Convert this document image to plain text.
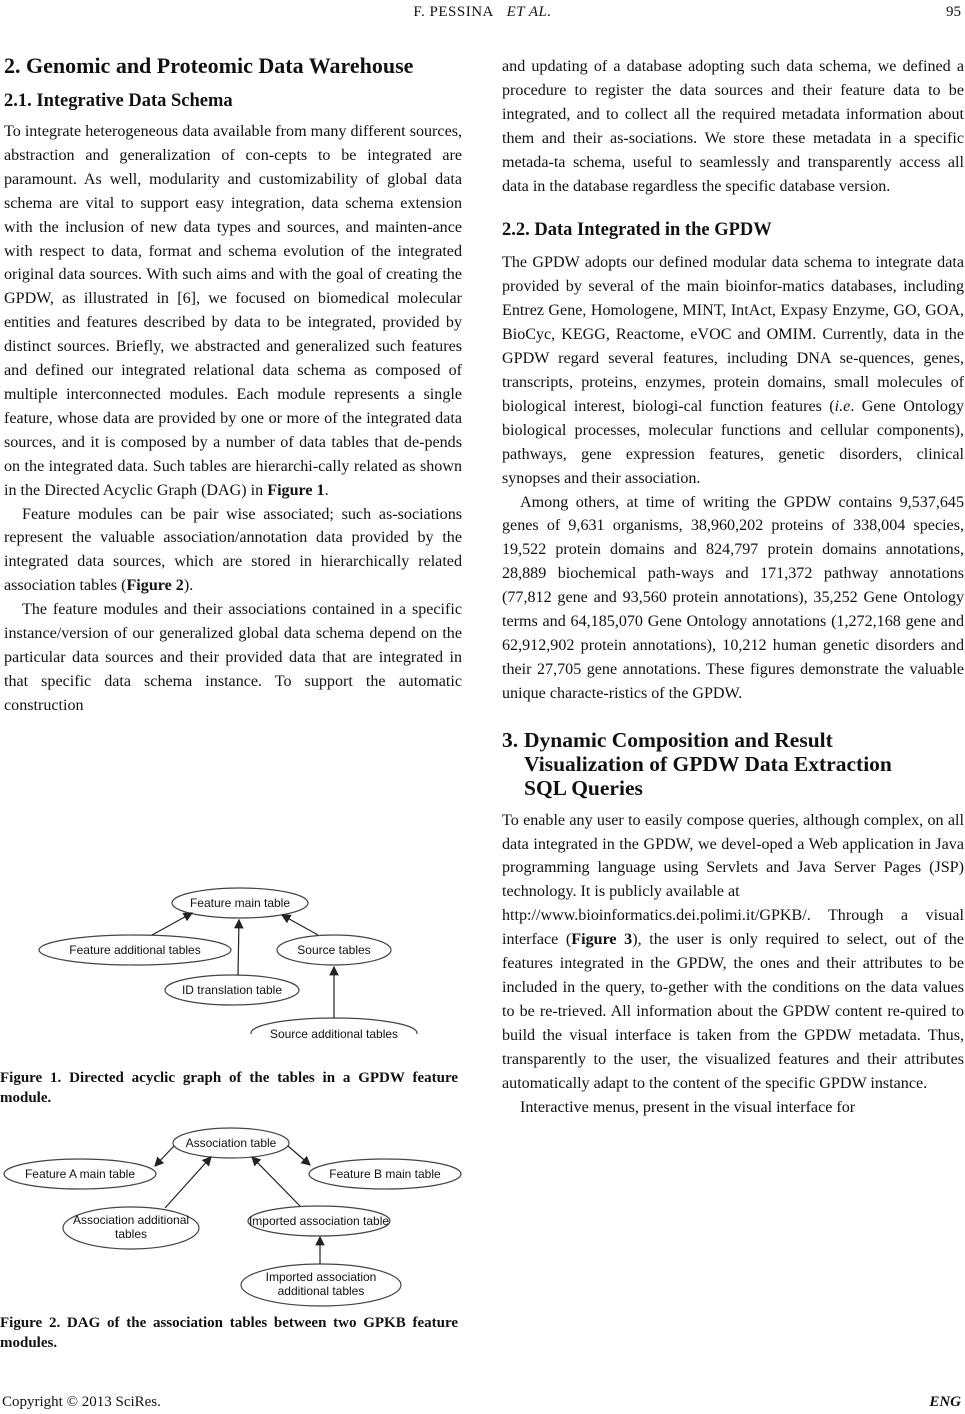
F. PESSINA ET AL.	95
2. Genomic and Proteomic Data Warehouse
2.1. Integrative Data Schema

To integrate heterogeneous data available from many different sources, abstraction and generalization of con-cepts to be integrated are paramount. As well, modularity and customizability of global data schema are vital to support easy integration, data schema extension with the inclusion of new data types and sources, and mainten-ance with respect to data, format and schema evolution of the integrated original data sources. With such aims and with the goal of creating the GPDW, as illustrated in [6], we focused on biomedical molecular entities and features described by data to be integrated, provided by distinct sources. Briefly, we abstracted and generalized such features and defined our integrated relational data schema as composed of multiple interconnected modules. Each module represents a single feature, whose data are provided by one or more of the integrated data sources, and it is composed by a number of data tables that de-pends on the integrated data. Such tables are hierarchi-cally related as shown in the Directed Acyclic Graph (DAG) in Figure 1.

Feature modules can be pair wise associated; such as-sociations represent the valuable association/annotation data provided by the integrated data sources, which are stored in hierarchically related association tables (Figure 2).

The feature modules and their associations contained in a specific instance/version of our generalized global data schema depend on the particular data sources and their provided data that are integrated in that specific data schema instance. To support the automatic construction

Feature main table
Feature additional tables	Source tables
ID translation table
Source additional tables
Figure 1. Directed acyclic graph of the tables in a GPDW feature module.
Association table
Feature A main table	Feature B main table
Association additional
tables
Imported association table
Imported association
additional tables
Figure 2. DAG of the association tables between two GPKB feature modules.

and updating of a database adopting such data schema, we defined a procedure to register the data sources and their feature data to be integrated, and to collect all the required metadata information about them and their as-sociations. We store these metadata in a specific metada-ta schema, useful to seamlessly and transparently access all data in the database regardless the specific database version.

2.2. Data Integrated in the GPDW

The GPDW adopts our defined modular data schema to integrate data provided by several of the main bioinfor-matics databases, including Entrez Gene, Homologene, MINT, IntAct, Expasy Enzyme, GO, GOA, BioCyc, KEGG, Reactome, eVOC and OMIM. Currently, data in the GPDW regard several features, including DNA se-quences, genes, transcripts, proteins, enzymes, protein domains, small molecules of biological interest, biologi-cal function features (i.e. Gene Ontology biological processes, molecular functions and cellular components), pathways, gene expression features, genetic disorders, clinical synopses and their association.

Among others, at time of writing the GPDW contains 9,537,645 genes of 9,631 organisms, 38,960,202 proteins of 338,004 species, 19,522 protein domains and 824,797 protein domains annotations, 28,889 biochemical path-ways and 171,372 pathway annotations (77,812 gene and 93,560 protein annotations), 35,252 Gene Ontology terms and 64,185,070 Gene Ontology annotations (1,272,168 gene and 62,912,902 protein annotations), 10,212 human genetic disorders and their 27,705 gene annotations. These figures demonstrate the valuable unique characte-ristics of the GPDW.

3. Dynamic Composition and Result
Visualization of GPDW Data Extraction
SQL Queries

To enable any user to easily compose queries, although complex, on all data integrated in the GPDW, we devel-oped a Web application in Java programming language using Servlets and Java Server Pages (JSP) technology. It is publicly available at
http://www.bioinformatics.dei.polimi.it/GPKB/. Through a visual interface (Figure 3), the user is only required to select, out of the features integrated in the GPDW, the ones and their attributes to be included in the query, to-gether with the conditions on the data values to be re-trieved. All information about the GPDW content re-quired to build the visual interface is taken from the GPDW metadata. Thus, transparently to the user, the visualized features and their attributes automatically adapt to the content of the specific GPDW instance.

Interactive menus, present in the visual interface for

Copyright © 2013 SciRes.	ENG
